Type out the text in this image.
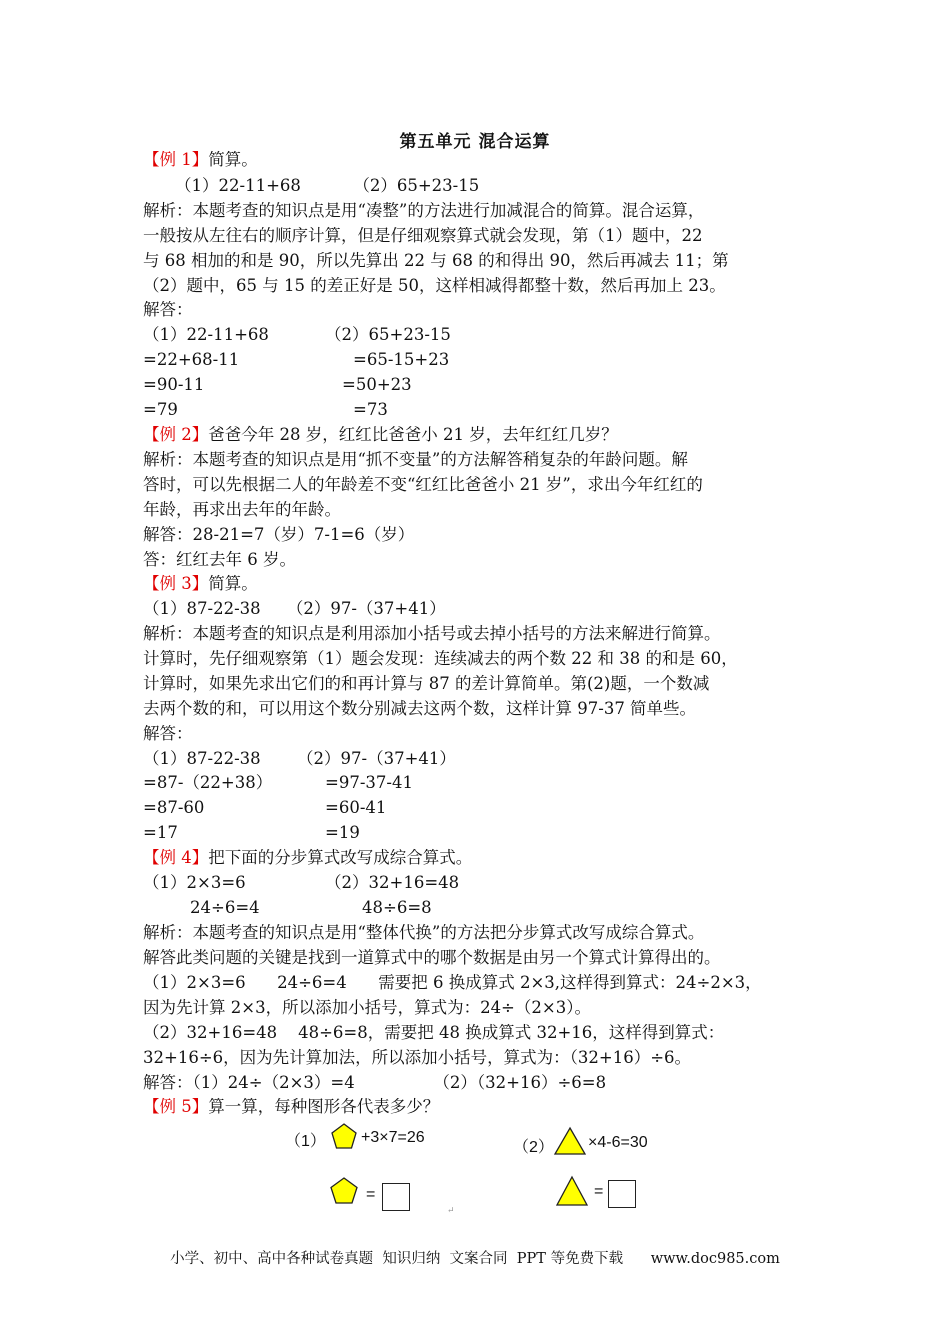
第五单元 混合运算
【例 1】简算。
（1）22-11+68          （2）65+23-15
解析：本题考查的知识点是用“凑整”的方法进行加减混合的简算。混合运算，
一般按从左往右的顺序计算，但是仔细观察算式就会发现，第（1）题中，22
与 68 相加的和是 90，所以先算出 22 与 68 的和得出 90，然后再减去 11；第
（2）题中，65 与 15 的差正好是 50，这样相减得都整十数，然后再加上 23。
解答：
（1）22-11+68	（2）65+23-15
=22+68-11	=65-15+23
=90-11	=50+23
=79	=73
【例 2】爸爸今年 28 岁，红红比爸爸小 21 岁，去年红红几岁？
解析：本题考查的知识点是用“抓不变量”的方法解答稍复杂的年龄问题。解
答时，可以先根据二人的年龄差不变“红红比爸爸小 21 岁”，求出今年红红的
年龄，再求出去年的年龄。
解答：28-21=7（岁）7-1=6（岁）
答：红红去年 6 岁。
【例 3】简算。
（1）87-22-38     （2）97-（37+41）
解析：本题考查的知识点是利用添加小括号或去掉小括号的方法来解进行简算。
计算时，先仔细观察第（1）题会发现：连续减去的两个数 22 和 38 的和是 60，
计算时，如果先求出它们的和再计算与 87 的差计算简单。第(2)题，一个数减
去两个数的和，可以用这个数分别减去这两个数，这样计算 97-37 简单些。
解答：
（1）87-22-38 （2）97-（37+41）
=87-（22+38）	=97-37-41
=87-60	=60-41
=17	=19
【例 4】把下面的分步算式改写成综合算式。
（1）2×3=6	（2）32+16=48
24÷6=4	48÷6=8
解析：本题考查的知识点是用“整体代换”的方法把分步算式改写成综合算式。
解答此类问题的关键是找到一道算式中的哪个数据是由另一个算式计算得出的。
（1）2×3=6      24÷6=4      需要把 6 换成算式 2×3,这样得到算式：24÷2×3，
因为先计算 2×3，所以添加小括号，算式为：24÷（2×3）。
（2）32+16=48    48÷6=8，需要把 48 换成算式 32+16，这样得到算式：
32+16÷6，因为先计算加法，所以添加小括号，算式为：（32+16）÷6。
解答：（1）24÷（2×3）=4               （2）（32+16）÷6=8
【例 5】算一算，每种图形各代表多少？
（1） +3×7=26
（2） ×4-6=30
=	=
↵
小学、初中、高中各种试卷真题  知识归纳  文案合同  PPT 等免费下载      www.doc985.com
